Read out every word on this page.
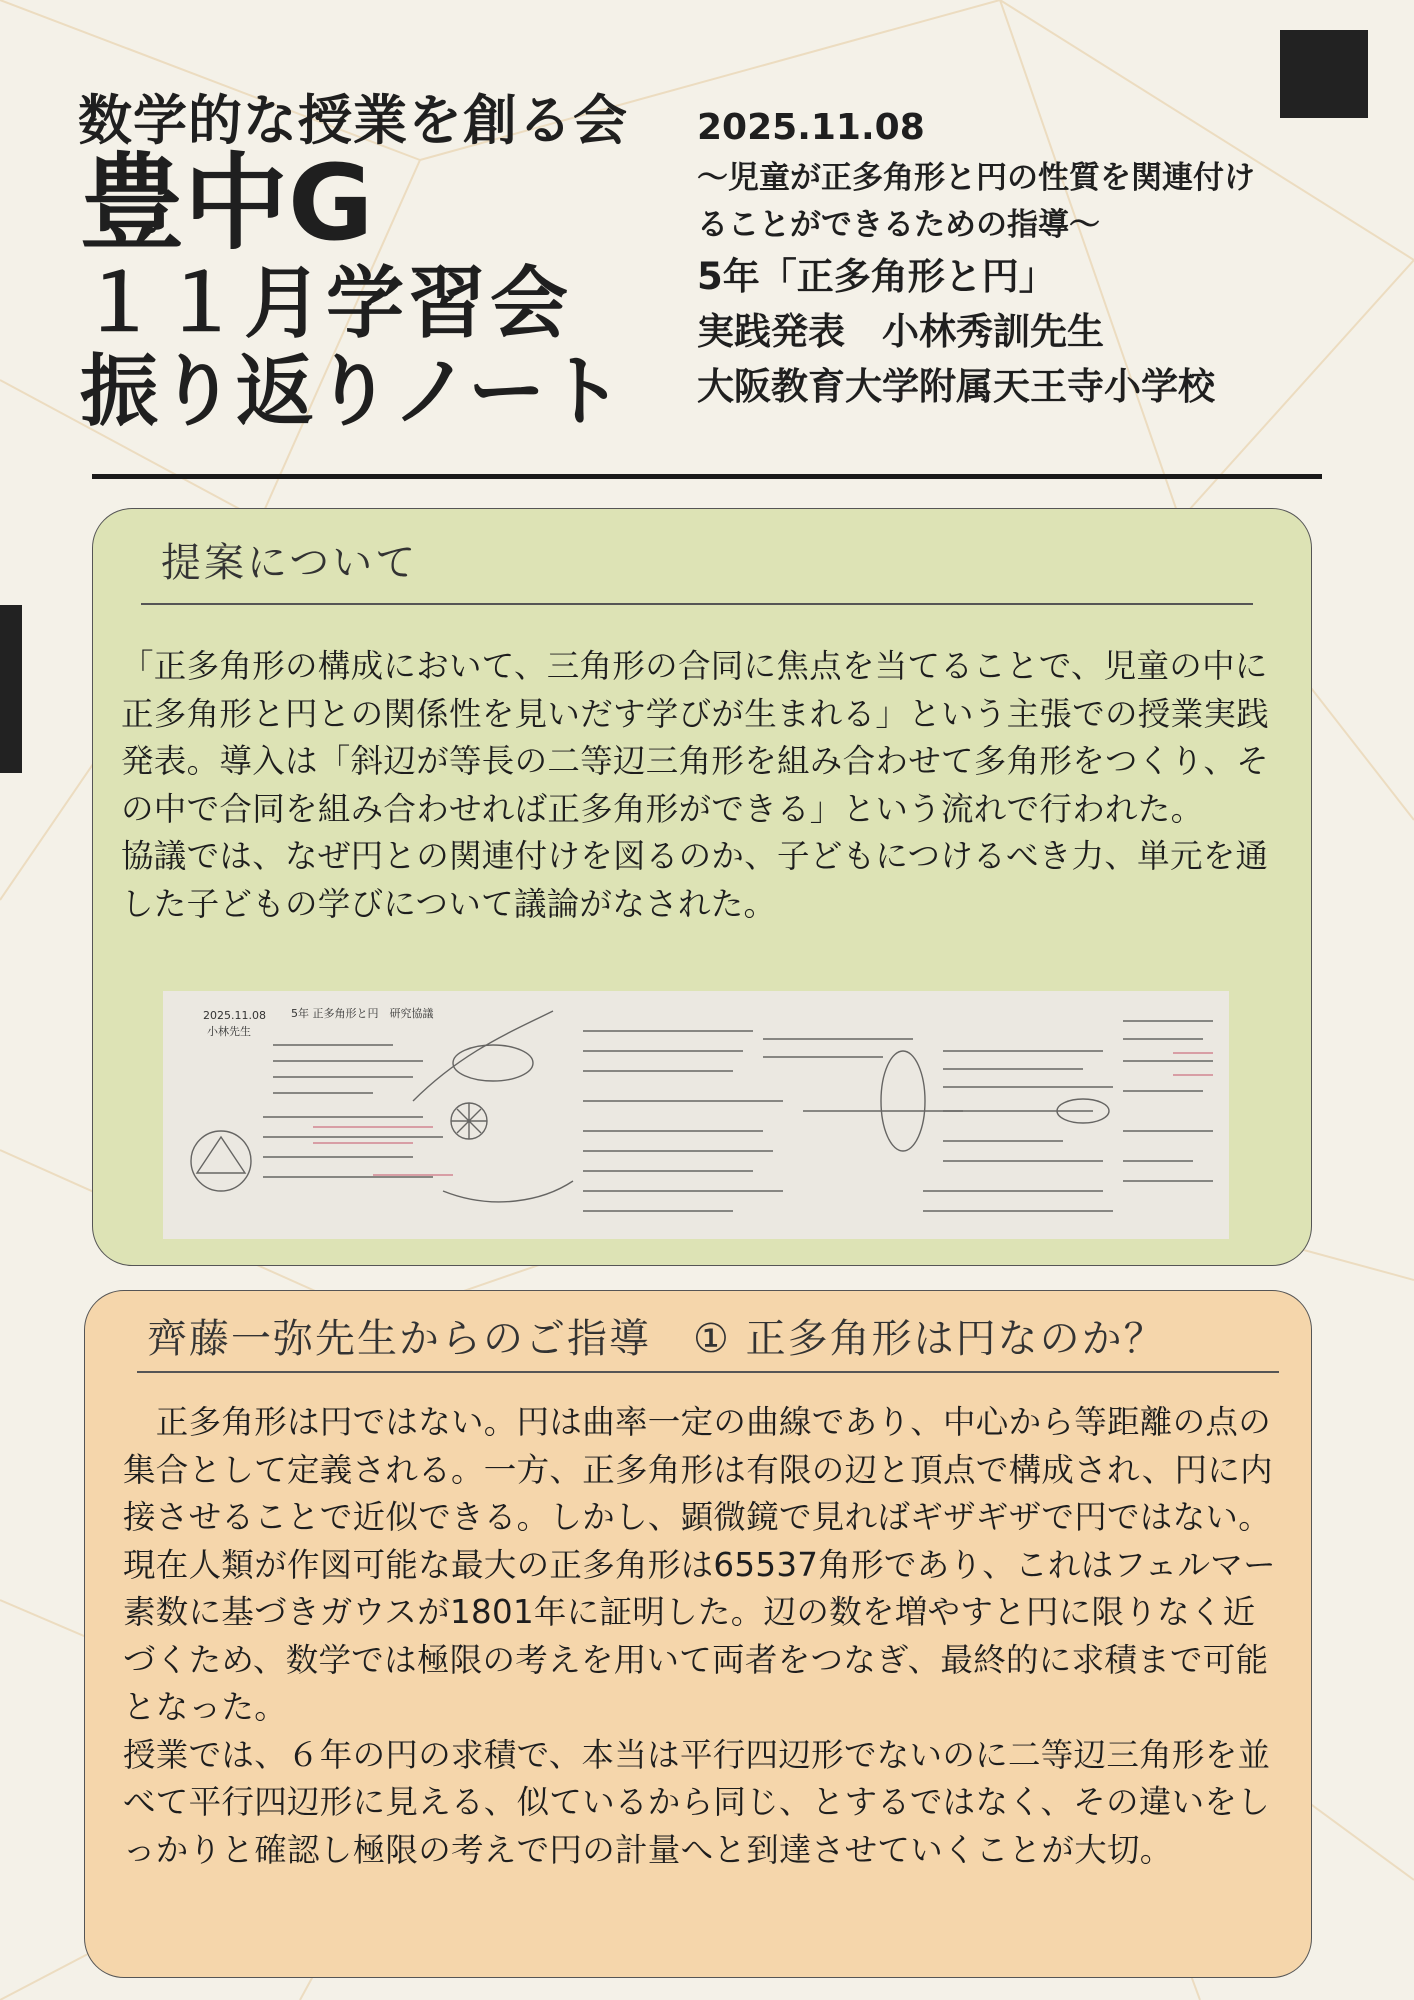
数学的な授業を創る会
豊中G
１１月学習会
振り返りノート
2025.11.08
～児童が正多角形と円の性質を関連付け
ることができるための指導～
5年「正多角形と円」
実践発表　小林秀訓先生
大阪教育大学附属天王寺小学校
提案について

「正多角形の構成において、三角形の合同に焦点を当てることで、児童の中に正多角形と円との関係性を見いだす学びが生まれる」という主張での授業実践発表。導入は「斜辺が等長の二等辺三角形を組み合わせて多角形をつくり、その中で合同を組み合わせれば正多角形ができる」という流れで行われた。

協議では、なぜ円との関連付けを図るのか、子どもにつけるべき力、単元を通した子どもの学びについて議論がなされた。

2025.11.08
小林先生
5年 正多角形と円　研究協議
齊藤一弥先生からのご指導　① 正多角形は円なのか？

　正多角形は円ではない。円は曲率一定の曲線であり、中心から等距離の点の集合として定義される。一方、正多角形は有限の辺と頂点で構成され、円に内接させることで近似できる。しかし、顕微鏡で見ればギザギザで円ではない。現在人類が作図可能な最大の正多角形は65537角形であり、これはフェルマー素数に基づきガウスが1801年に証明した。辺の数を増やすと円に限りなく近づくため、数学では極限の考えを用いて両者をつなぎ、最終的に求積まで可能となった。

授業では、６年の円の求積で、本当は平行四辺形でないのに二等辺三角形を並べて平行四辺形に見える、似ているから同じ、とするではなく、その違いをしっかりと確認し極限の考えで円の計量へと到達させていくことが大切。
